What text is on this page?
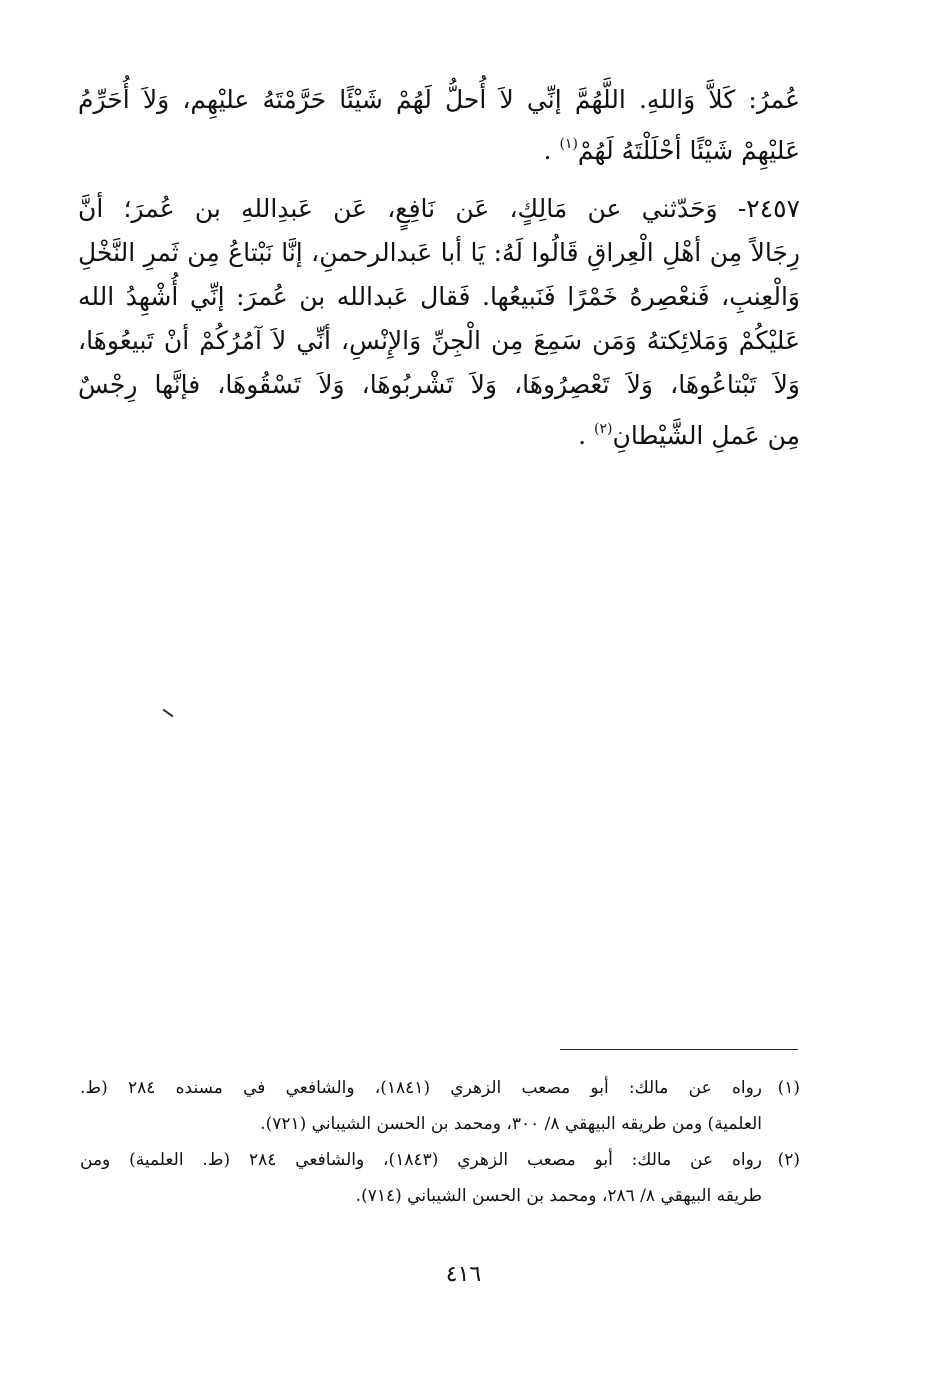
عُمرُ: كَلاَّ وَاللهِ. اللَّهُمَّ إنِّي لاَ أُحلُّ لَهُمْ شَيْئًا حَرَّمْتَهُ عليْهِم، وَلاَ أُحَرِّمُ
عَليْهِمْ شَيْئًا أحْلَلْتَهُ لَهُمْ$^{(١)}$ .

٢٤٥٧- وَحَدّثني عن مَالِكٍ، عَن نَافِعٍ، عَن عَبدِاللهِ بن عُمرَ؛ أنَّ
رِجَالاً مِن أهْلِ الْعِراقِ قَالُوا لَهُ: يَا أبا عَبدالرحمنِ، إنَّا نَبْتاعُ مِن ثَمرِ النَّخْلِ
وَالْعِنبِ، فَنعْصِرهُ خَمْرًا فَنَبيعُها. فَقال عَبدالله بن عُمرَ: إنِّي أُشْهِدُ الله
عَليْكُمْ وَمَلائِكتهُ وَمَن سَمِعَ مِن الْجِنِّ وَالإِنْسِ، أنِّي لاَ آمُرُكُمْ أنْ تَبيعُوهَا،
وَلاَ تَبْتاعُوهَا، وَلاَ تَعْصِرُوهَا، وَلاَ تَشْربُوهَا، وَلاَ تَسْقُوهَا، فإنَّها رِجْسٌ
مِن عَملِ الشَّيْطانِ$^{(٢)}$ .

(١)
رواه عن مالك: أبو مصعب الزهري (١٨٤١)، والشافعي في مسنده ٢٨٤ (ط.
العلمية) ومن طريقه البيهقي ٨/ ٣٠٠، ومحمد بن الحسن الشيباني (٧٢١).
(٢)
رواه عن مالك: أبو مصعب الزهري (١٨٤٣)، والشافعي ٢٨٤ (ط. العلمية) ومن
طريقه البيهقي ٨/ ٢٨٦، ومحمد بن الحسن الشيباني (٧١٤).
٤١٦
